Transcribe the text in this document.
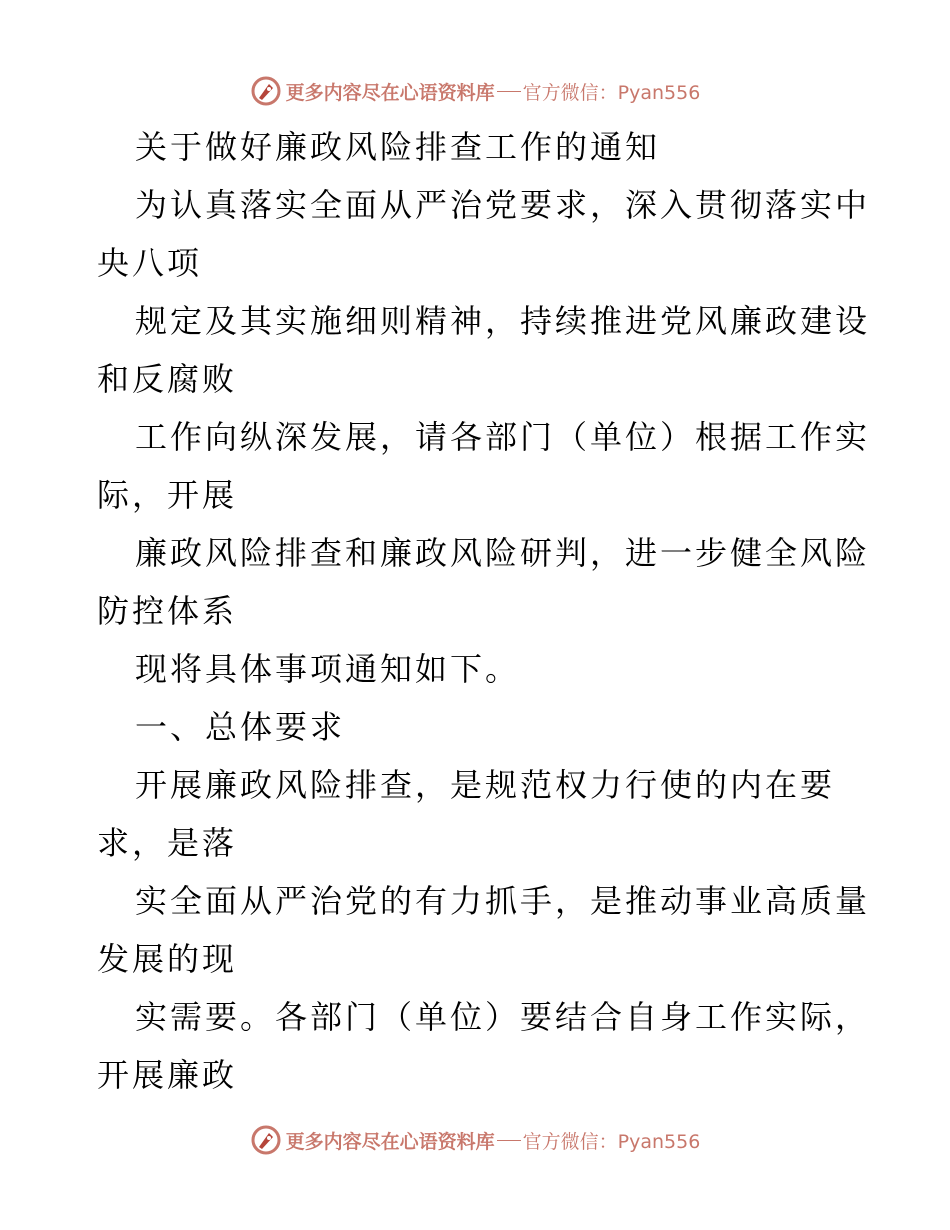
更多内容尽在心语资料库 官方微信：Pyan556
关于做好廉政风险排查工作的通知
为认真落实全面从严治党要求，深入贯彻落实中
央八项
规定及其实施细则精神，持续推进党风廉政建设
和反腐败
工作向纵深发展，请各部门（单位）根据工作实
际，开展
廉政风险排查和廉政风险研判，进一步健全风险
防控体系
现将具体事项通知如下。
一、总体要求
开展廉政风险排查，是规范权力行使的内在要
求，是落
实全面从严治党的有力抓手，是推动事业高质量
发展的现
实需要。各部门（单位）要结合自身工作实际，
开展廉政
更多内容尽在心语资料库 官方微信：Pyan556
